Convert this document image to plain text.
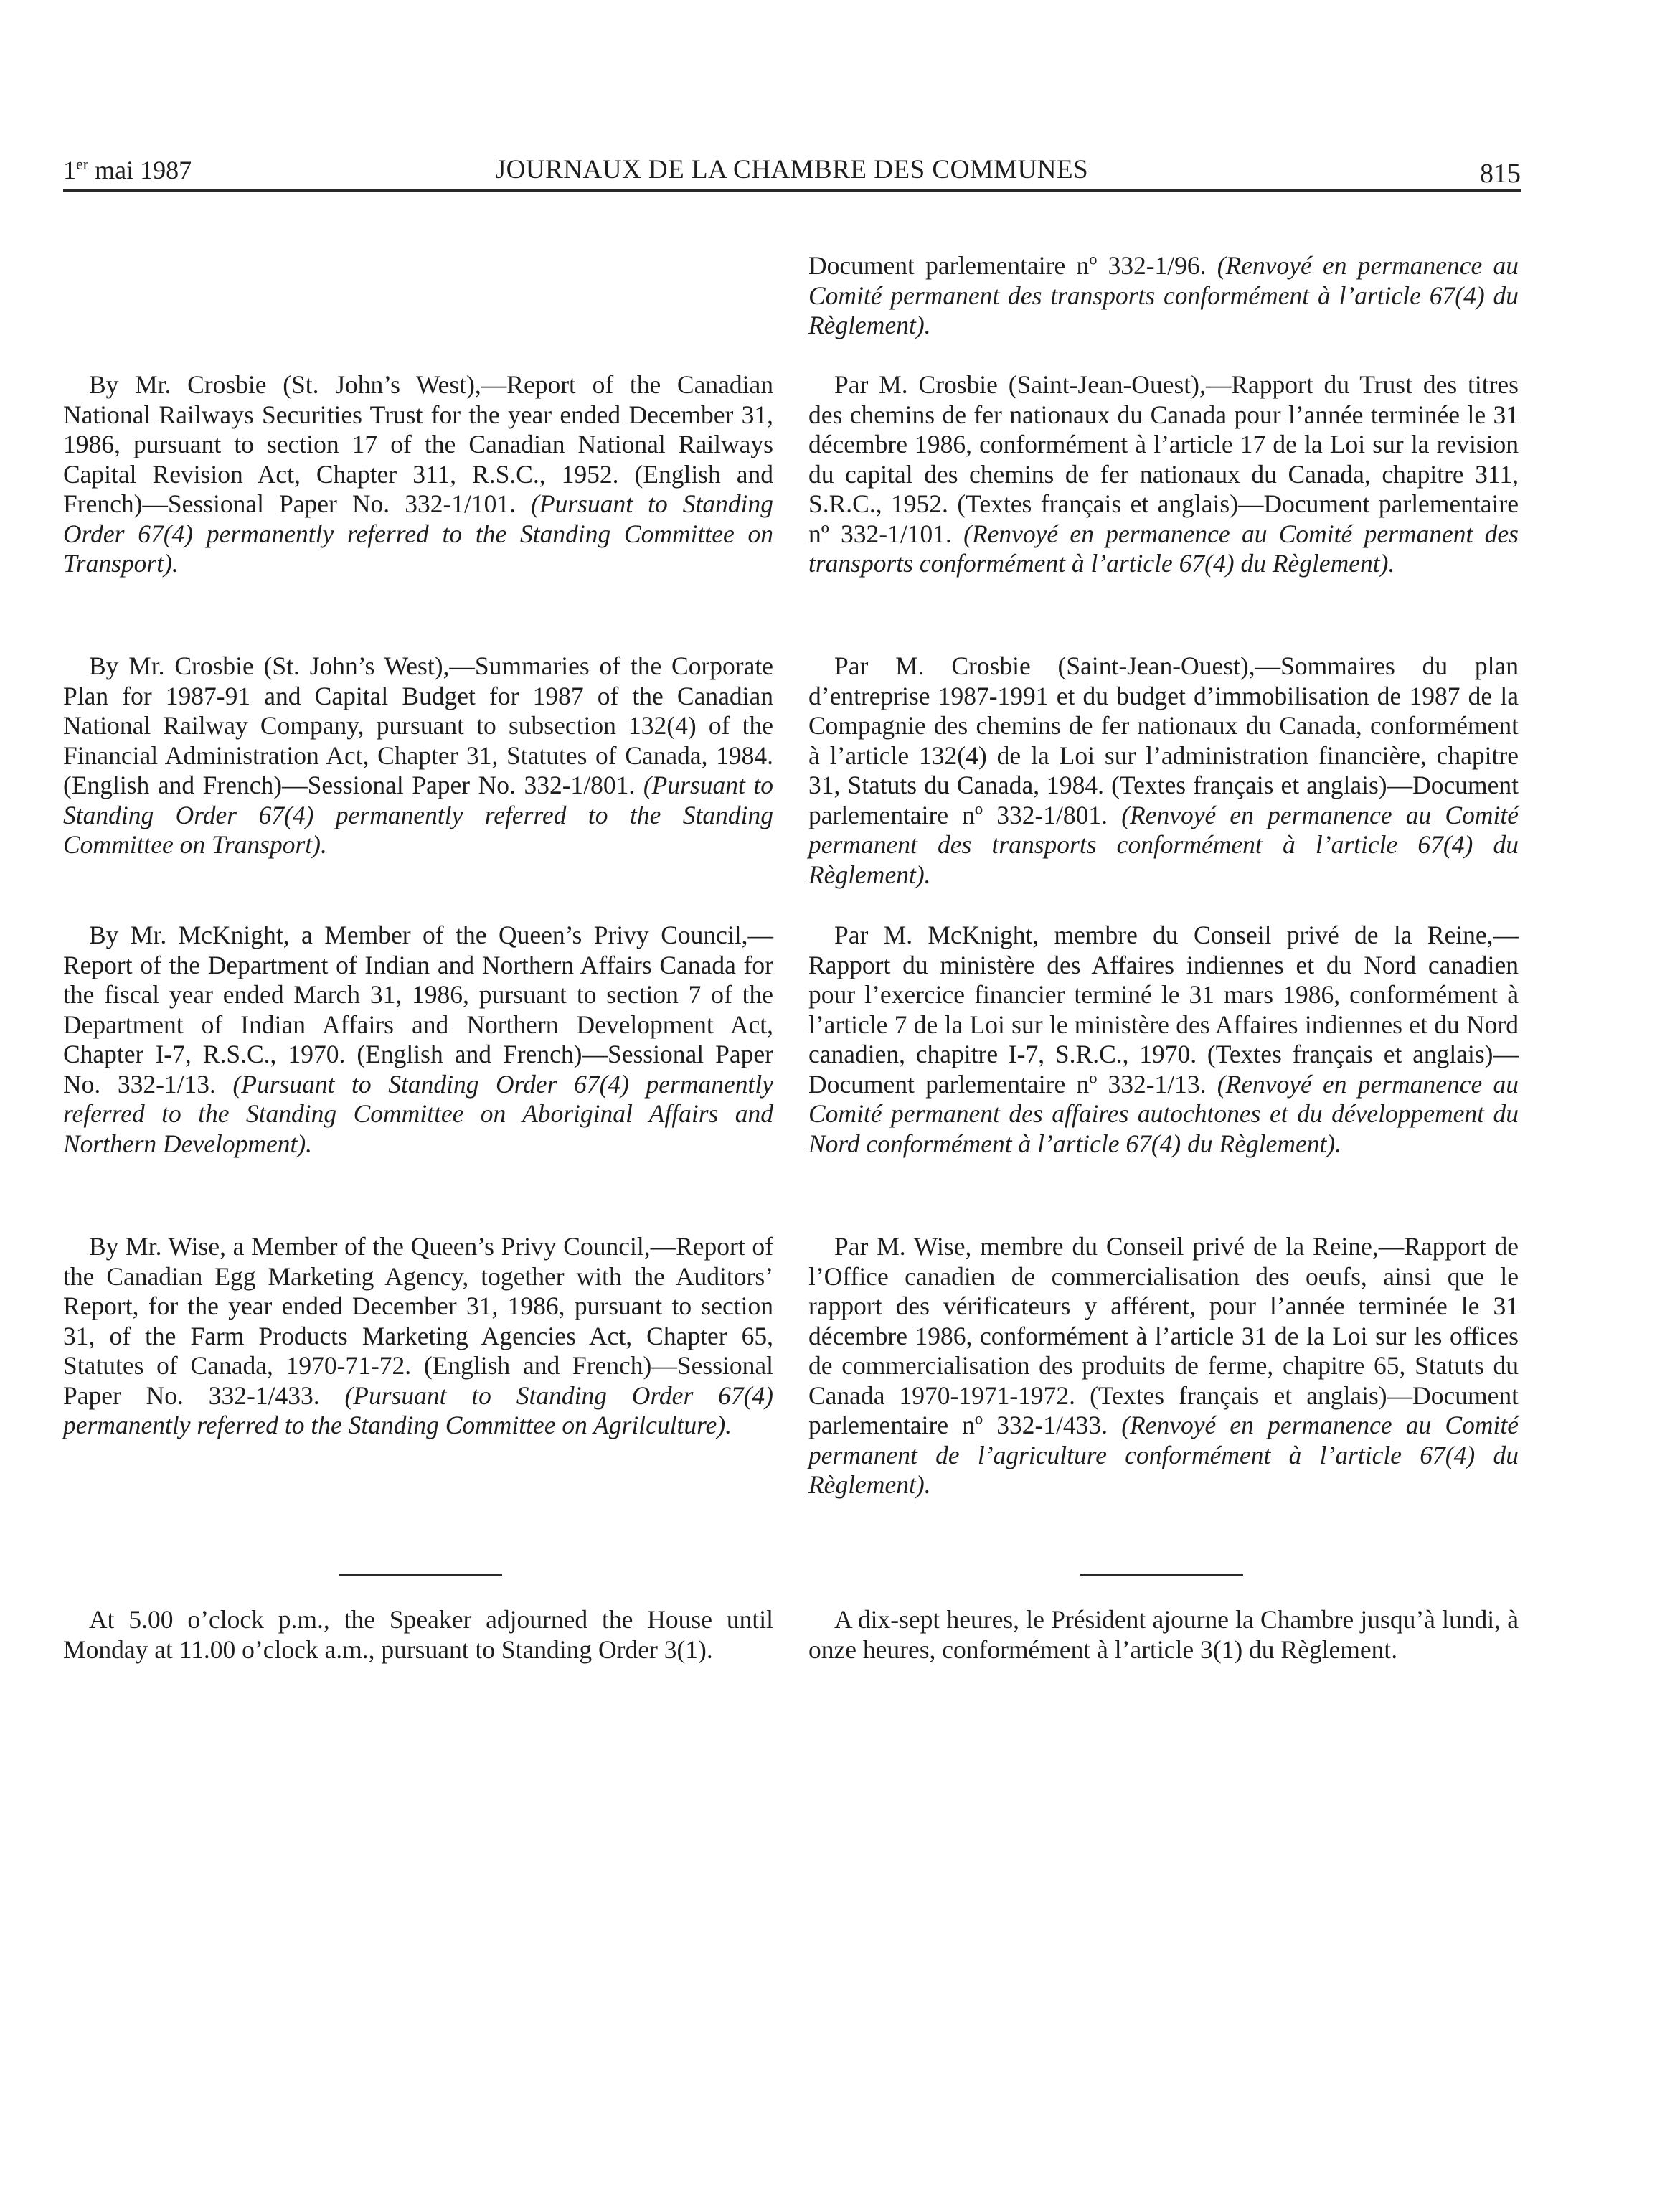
1er mai 1987	JOURNAUX DE LA CHAMBRE DES COMMUNES	815
By Mr. Crosbie (St. John’s West),—Report of the Canadian National Railways Securities Trust for the year ended December 31, 1986, pursuant to section 17 of the Canadian National Railways Capital Revision Act, Chapter 311, R.S.C., 1952. (English and French)—Sessional Paper No. 332-1/101. (Pursuant to Standing Order 67(4) permanently referred to the Standing Committee on Transport).
By Mr. Crosbie (St. John’s West),—Summaries of the Corporate Plan for 1987-91 and Capital Budget for 1987 of the Canadian National Railway Company, pursuant to subsection 132(4) of the Financial Administration Act, Chapter 31, Statutes of Canada, 1984. (English and French)—Sessional Paper No. 332-1/801. (Pursuant to Standing Order 67(4) permanently referred to the Standing Committee on Transport).
By Mr. McKnight, a Member of the Queen’s Privy Council,—Report of the Department of Indian and Northern Affairs Canada for the fiscal year ended March 31, 1986, pursuant to section 7 of the Department of Indian Affairs and Northern Development Act, Chapter I-7, R.S.C., 1970. (English and French)—Sessional Paper No. 332-1/13. (Pursuant to Standing Order 67(4) permanently referred to the Standing Committee on Aboriginal Affairs and Northern Development).
By Mr. Wise, a Member of the Queen’s Privy Council,—Report of the Canadian Egg Marketing Agency, together with the Auditors’ Report, for the year ended December 31, 1986, pursuant to section 31, of the Farm Products Marketing Agencies Act, Chapter 65, Statutes of Canada, 1970-71-72. (English and French)—Sessional Paper No. 332-1/433. (Pursuant to Standing Order 67(4) permanently referred to the Standing Committee on Agrilculture).
At 5.00 o’clock p.m., the Speaker adjourned the House until Monday at 11.00 o’clock a.m., pursuant to Standing Order 3(1).
Document parlementaire nº 332-1/96. (Renvoyé en permanence au Comité permanent des transports conformément à l’article 67(4) du Règlement).
Par M. Crosbie (Saint-Jean-Ouest),—Rapport du Trust des titres des chemins de fer nationaux du Canada pour l’année terminée le 31 décembre 1986, conformément à l’article 17 de la Loi sur la revision du capital des chemins de fer nationaux du Canada, chapitre 311, S.R.C., 1952. (Textes français et anglais)—Document parlementaire nº 332-1/101. (Renvoyé en permanence au Comité permanent des transports conformément à l’article 67(4) du Règlement).
Par M. Crosbie (Saint-Jean-Ouest),—Sommaires du plan d’entreprise 1987-1991 et du budget d’immobilisation de 1987 de la Compagnie des chemins de fer nationaux du Canada, conformément à l’article 132(4) de la Loi sur l’administration financière, chapitre 31, Statuts du Canada, 1984. (Textes français et anglais)—Document parlementaire nº 332-1/801. (Renvoyé en permanence au Comité permanent des transports conformément à l’article 67(4) du Règlement).
Par M. McKnight, membre du Conseil privé de la Reine,—Rapport du ministère des Affaires indiennes et du Nord canadien pour l’exercice financier terminé le 31 mars 1986, conformément à l’article 7 de la Loi sur le ministère des Affaires indiennes et du Nord canadien, chapitre I-7, S.R.C., 1970. (Textes français et anglais)—Document parlementaire nº 332-1/13. (Renvoyé en permanence au Comité permanent des affaires autochtones et du développement du Nord conformément à l’article 67(4) du Règlement).
Par M. Wise, membre du Conseil privé de la Reine,—Rapport de l’Office canadien de commercialisation des oeufs, ainsi que le rapport des vérificateurs y afférent, pour l’année terminée le 31 décembre 1986, conformément à l’article 31 de la Loi sur les offices de commercialisation des produits de ferme, chapitre 65, Statuts du Canada 1970-1971-1972. (Textes français et anglais)—Document parlementaire nº 332-1/433. (Renvoyé en permanence au Comité permanent de l’agriculture conformément à l’article 67(4) du Règlement).
A dix-sept heures, le Président ajourne la Chambre jusqu’à lundi, à onze heures, conformément à l’article 3(1) du Règlement.
